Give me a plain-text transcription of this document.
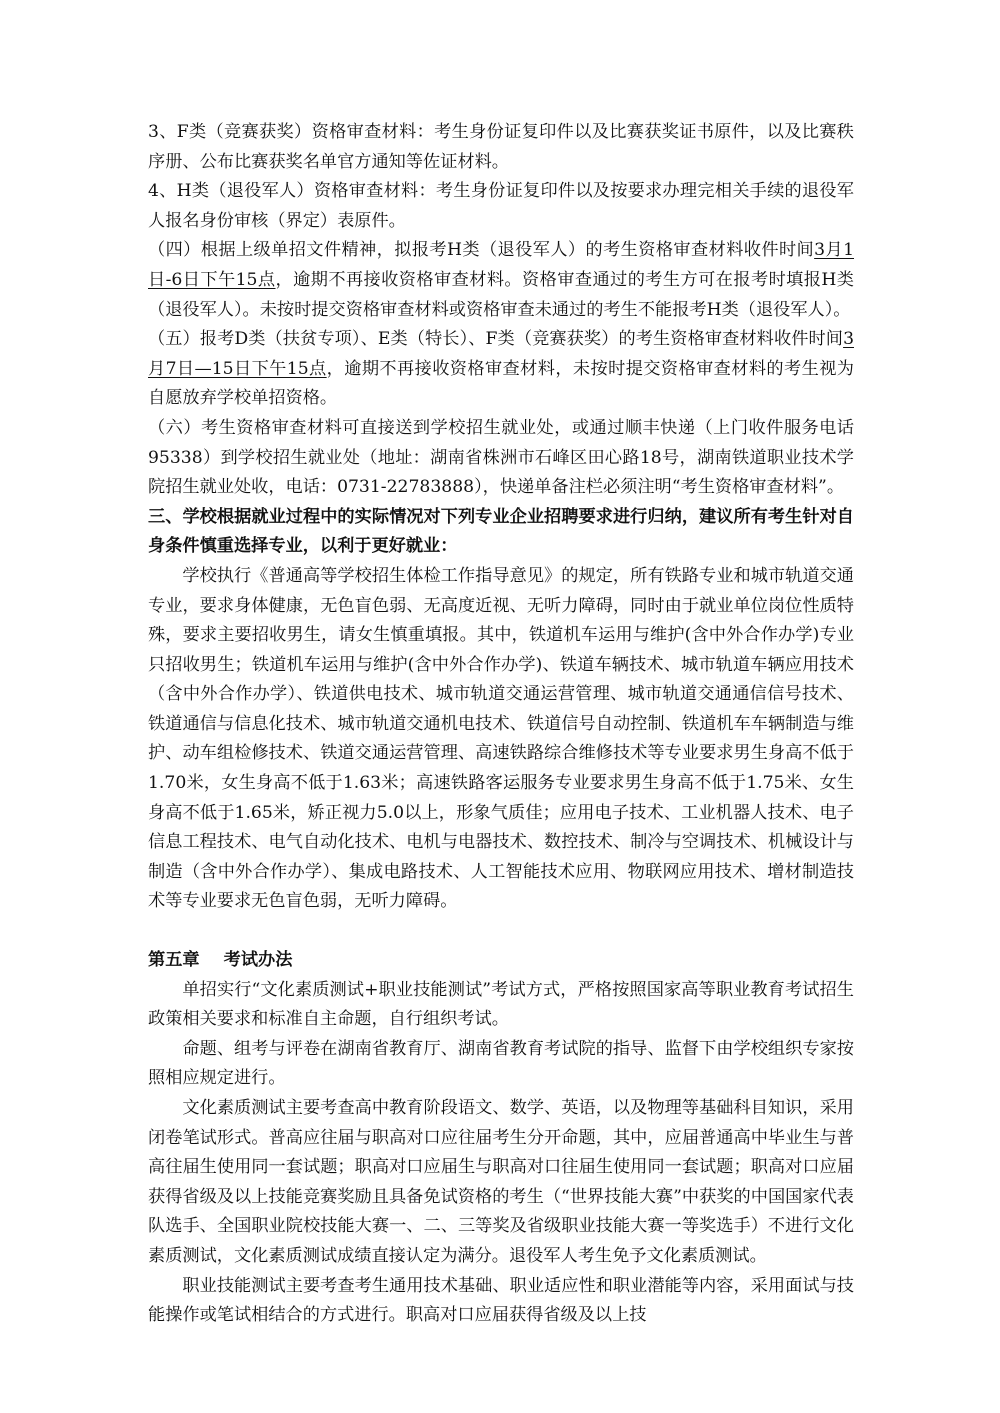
3、F类（竞赛获奖）资格审查材料：考生身份证复印件以及比赛获奖证书原件，以及比赛秩序册、公布比赛获奖名单官方通知等佐证材料。

4、H类（退役军人）资格审查材料：考生身份证复印件以及按要求办理完相关手续的退役军人报名身份审核（界定）表原件。

（四）根据上级单招文件精神，拟报考H类（退役军人）的考生资格审查材料收件时间3月1日-6日下午15点，逾期不再接收资格审查材料。资格审查通过的考生方可在报考时填报H类（退役军人）。未按时提交资格审查材料或资格审查未通过的考生不能报考H类（退役军人）。

（五）报考D类（扶贫专项）、E类（特长）、F类（竞赛获奖）的考生资格审查材料收件时间3月7日—15日下午15点，逾期不再接收资格审查材料，未按时提交资格审查材料的考生视为自愿放弃学校单招资格。

（六）考生资格审查材料可直接送到学校招生就业处，或通过顺丰快递（上门收件服务电话95338）到学校招生就业处（地址：湖南省株洲市石峰区田心路18号，湖南铁道职业技术学院招生就业处收，电话：0731-22783888），快递单备注栏必须注明“考生资格审查材料”。

三、学校根据就业过程中的实际情况对下列专业企业招聘要求进行归纳，建议所有考生针对自身条件慎重选择专业，以利于更好就业：

学校执行《普通高等学校招生体检工作指导意见》的规定，所有铁路专业和城市轨道交通专业，要求身体健康，无色盲色弱、无高度近视、无听力障碍，同时由于就业单位岗位性质特殊，要求主要招收男生，请女生慎重填报。其中，铁道机车运用与维护(含中外合作办学)专业只招收男生；铁道机车运用与维护(含中外合作办学)、铁道车辆技术、城市轨道车辆应用技术（含中外合作办学）、铁道供电技术、城市轨道交通运营管理、城市轨道交通通信信号技术、铁道通信与信息化技术、城市轨道交通机电技术、铁道信号自动控制、铁道机车车辆制造与维护、动车组检修技术、铁道交通运营管理、高速铁路综合维修技术等专业要求男生身高不低于1.70米，女生身高不低于1.63米；高速铁路客运服务专业要求男生身高不低于1.75米、女生身高不低于1.65米，矫正视力5.0以上，形象气质佳；应用电子技术、工业机器人技术、电子信息工程技术、电气自动化技术、电机与电器技术、数控技术、制冷与空调技术、机械设计与制造（含中外合作办学）、集成电路技术、人工智能技术应用、物联网应用技术、增材制造技术等专业要求无色盲色弱，无听力障碍。

第五章 考试办法

单招实行“文化素质测试+职业技能测试”考试方式，严格按照国家高等职业教育考试招生政策相关要求和标准自主命题，自行组织考试。

命题、组考与评卷在湖南省教育厅、湖南省教育考试院的指导、监督下由学校组织专家按照相应规定进行。

文化素质测试主要考查高中教育阶段语文、数学、英语，以及物理等基础科目知识，采用闭卷笔试形式。普高应往届与职高对口应往届考生分开命题，其中，应届普通高中毕业生与普高往届生使用同一套试题；职高对口应届生与职高对口往届生使用同一套试题；职高对口应届获得省级及以上技能竞赛奖励且具备免试资格的考生（“世界技能大赛”中获奖的中国国家代表队选手、全国职业院校技能大赛一、二、三等奖及省级职业技能大赛一等奖选手）不进行文化素质测试，文化素质测试成绩直接认定为满分。退役军人考生免予文化素质测试。

职业技能测试主要考查考生通用技术基础、职业适应性和职业潜能等内容，采用面试与技能操作或笔试相结合的方式进行。职高对口应届获得省级及以上技
